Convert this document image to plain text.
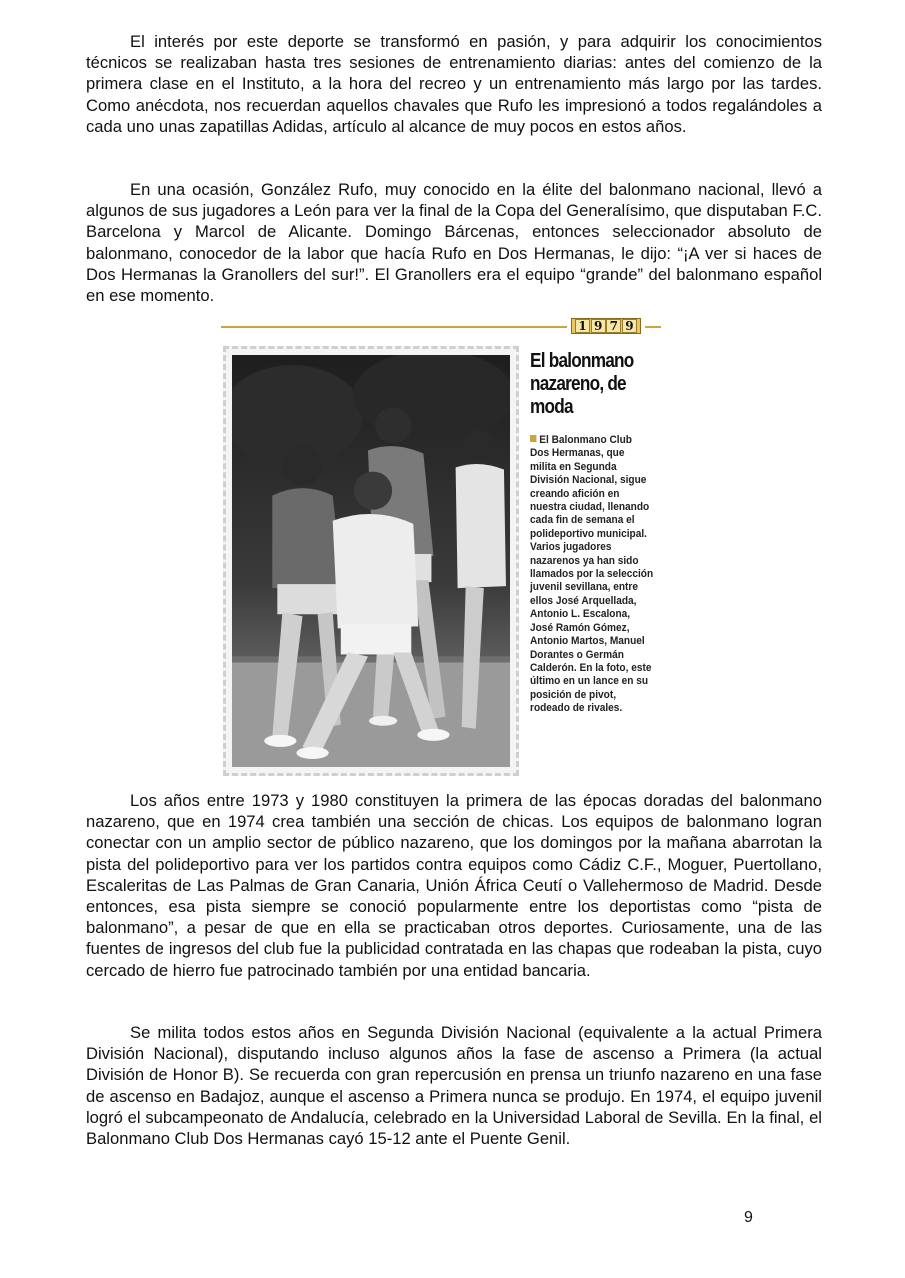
El interés por este deporte se transformó en pasión, y para adquirir los conocimientos técnicos se realizaban hasta tres sesiones de entrenamiento diarias: antes del comienzo de la primera clase en el Instituto, a la hora del recreo y un entrenamiento más largo por las tardes. Como anécdota, nos recuerdan aquellos chavales que Rufo les impresionó a todos regalándoles a cada uno unas zapatillas Adidas, artículo al alcance de muy pocos en estos años.

En una ocasión, González Rufo, muy conocido en la élite del balonmano nacional, llevó a algunos de sus jugadores a León para ver la final de la Copa del Generalísimo, que disputaban F.C. Barcelona y Marcol de Alicante. Domingo Bárcenas, entonces seleccionador absoluto de balonmano, conocedor de la labor que hacía Rufo en Dos Hermanas, le dijo: “¡A ver si haces de Dos Hermanas la Granollers del sur!”. El Granollers era el equipo “grande” del balonmano español en ese momento.

1 9 7 9
El balonmano nazareno, de moda
El Balonmano Club Dos Hermanas, que milita en Segunda División Nacional, sigue creando afición en nuestra ciudad, llenando cada fin de semana el polideportivo municipal. Varios jugadores nazarenos ya han sido llamados por la selección juvenil sevillana, entre ellos José Arquellada, Antonio L. Escalona, José Ramón Gómez, Antonio Martos, Manuel Dorantes o Germán Calderón. En la foto, este último en un lance en su posición de pivot, rodeado de rivales.

Los años entre 1973 y 1980 constituyen la primera de las épocas doradas del balonmano nazareno, que en 1974 crea también una sección de chicas. Los equipos de balonmano logran conectar con un amplio sector de público nazareno, que los domingos por la mañana abarrotan la pista del polideportivo para ver los partidos contra equipos como Cádiz C.F., Moguer, Puertollano, Escaleritas de Las Palmas de Gran Canaria, Unión África Ceutí o Vallehermoso de Madrid. Desde entonces, esa pista siempre se conoció popularmente entre los deportistas como “pista de balonmano”, a pesar de que en ella se practicaban otros deportes. Curiosamente, una de las fuentes de ingresos del club fue la publicidad contratada en las chapas que rodeaban la pista, cuyo cercado de hierro fue patrocinado también por una entidad bancaria.

Se milita todos estos años en Segunda División Nacional (equivalente a la actual Primera División Nacional), disputando incluso algunos años la fase de ascenso a Primera (la actual División de Honor B). Se recuerda con gran repercusión en prensa un triunfo nazareno en una fase de ascenso en Badajoz, aunque el ascenso a Primera nunca se produjo. En 1974, el equipo juvenil logró el subcampeonato de Andalucía, celebrado en la Universidad Laboral de Sevilla. En la final, el Balonmano Club Dos Hermanas cayó 15-12 ante el Puente Genil.

9
